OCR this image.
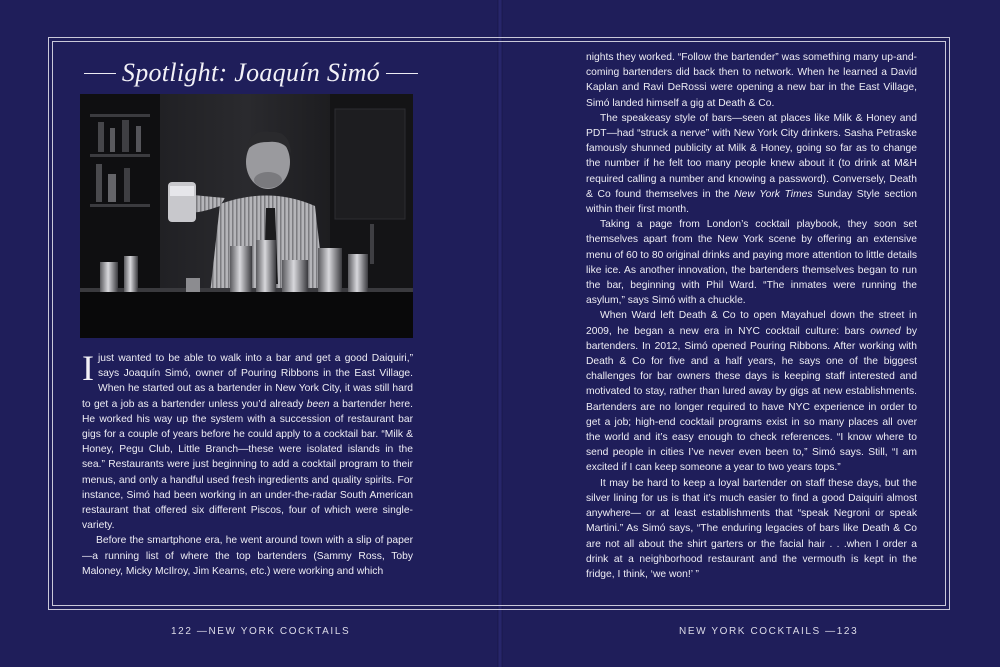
Spotlight: Joaquín Simó

Ijust wanted to be able to walk into a bar and get a good Daiquiri,” says Joaquín Simó, owner of Pouring Ribbons in the East Village. When he started out as a bartender in New York City, it was still hard to get a job as a bartender unless you’d already been a bartender here. He worked his way up the system with a succession of restaurant bar gigs for a couple of years before he could apply to a cocktail bar. “Milk & Honey, Pegu Club, Little Branch—these were isolated islands in the sea.” Restaurants were just beginning to add a cocktail program to their menus, and only a handful used fresh ingredients and quality spirits. For instance, Simó had been working in an under-the-radar South American restaurant that offered six different Piscos, four of which were single-variety.

Before the smartphone era, he went around town with a slip of paper—a running list of where the top bartenders (Sammy Ross, Toby Maloney, Micky McIlroy, Jim Kearns, etc.) were working and which

nights they worked. “Follow the bartender” was something many up-and-coming bartenders did back then to network. When he learned a David Kaplan and Ravi DeRossi were opening a new bar in the East Village, Simó landed himself a gig at Death & Co.

The speakeasy style of bars—seen at places like Milk & Honey and PDT—had “struck a nerve” with New York City drinkers. Sasha Petraske famously shunned publicity at Milk & Honey, going so far as to change the number if he felt too many people knew about it (to drink at M&H required calling a number and knowing a password). Conversely, Death & Co found themselves in the New York Times Sunday Style section within their first month.

Taking a page from London’s cocktail playbook, they soon set themselves apart from the New York scene by offering an extensive menu of 60 to 80 original drinks and paying more attention to little details like ice. As another innovation, the bartenders themselves began to run the bar, beginning with Phil Ward. “The inmates were running the asylum,” says Simó with a chuckle.

When Ward left Death & Co to open Mayahuel down the street in 2009, he began a new era in NYC cocktail culture: bars owned by bartenders. In 2012, Simó opened Pouring Ribbons. After working with Death & Co for five and a half years, he says one of the biggest challenges for bar owners these days is keeping staff interested and motivated to stay, rather than lured away by gigs at new establishments. Bartenders are no longer required to have NYC experience in order to get a job; high-end cocktail programs exist in so many places all over the world and it’s easy enough to check references. “I know where to send people in cities I’ve never even been to,” Simó says. Still, “I am excited if I can keep someone a year to two years tops.”

It may be hard to keep a loyal bartender on staff these days, but the silver lining for us is that it’s much easier to find a good Daiquiri almost anywhere— or at least establishments that “speak Negroni or speak Martini.” As Simó says, “The enduring legacies of bars like Death & Co are not all about the shirt garters or the facial hair . . .when I order a drink at a neighborhood restaurant and the vermouth is kept in the fridge, I think, ‘we won!’ ”

122 —NEW YORK COCKTAILS	NEW YORK COCKTAILS —123
